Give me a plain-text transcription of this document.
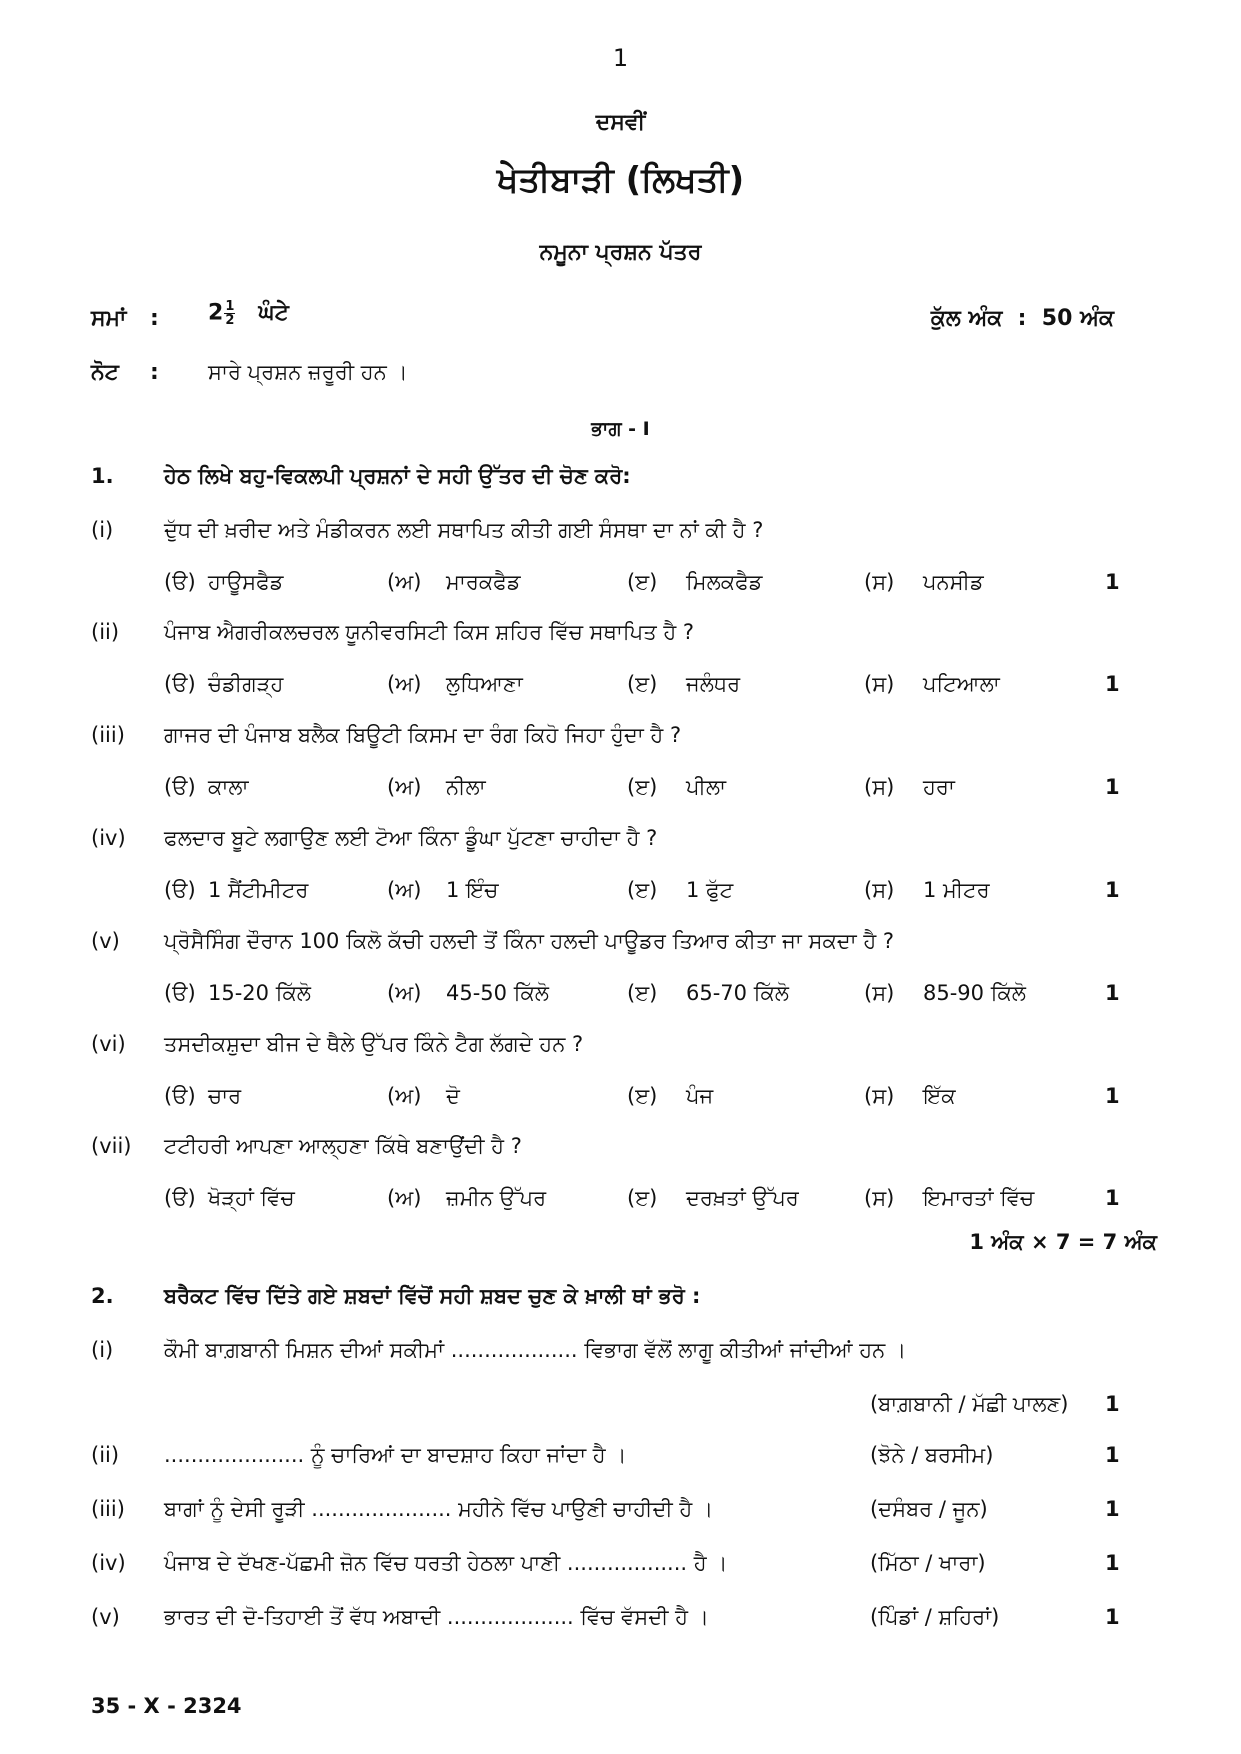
1
ਦਸਵੀਂ
ਖੇਤੀਬਾੜੀ (ਲਿਖਤੀ)
ਨਮੂਨਾ ਪ੍ਰਸ਼ਨ ਪੱਤਰ
ਸਮਾਂ : $2 \frac{1}{2}$ ਘੰਟੇ	ਕੁੱਲ ਅੰਕ  :  50 ਅੰਕ
ਨੋਟ : ਸਾਰੇ ਪ੍ਰਸ਼ਨ ਜ਼ਰੂਰੀ ਹਨ ।
ਭਾਗ - I
1. ਹੇਠ ਲਿਖੇ ਬਹੁ-ਵਿਕਲਪੀ ਪ੍ਰਸ਼ਨਾਂ ਦੇ ਸਹੀ ਉੱਤਰ ਦੀ ਚੋਣ ਕਰੋ:
(i) ਦੁੱਧ ਦੀ ਖ਼ਰੀਦ ਅਤੇ ਮੰਡੀਕਰਨ ਲਈ ਸਥਾਪਿਤ ਕੀਤੀ ਗਈ ਸੰਸਥਾ ਦਾ ਨਾਂ ਕੀ ਹੈ ?
(ੳ) ਹਾਊਸਫੈਡ	(ਅ) ਮਾਰਕਫੈਡ	(ੲ) ਮਿਲਕਫੈਡ	(ਸ) ਪਨਸੀਡ	1
(ii) ਪੰਜਾਬ ਐਗਰੀਕਲਚਰਲ ਯੂਨੀਵਰਸਿਟੀ ਕਿਸ ਸ਼ਹਿਰ ਵਿੱਚ ਸਥਾਪਿਤ ਹੈ ?
(ੳ) ਚੰਡੀਗੜ੍ਹ	(ਅ) ਲੁਧਿਆਣਾ	(ੲ) ਜਲੰਧਰ	(ਸ) ਪਟਿਆਲਾ	1
(iii) ਗਾਜਰ ਦੀ ਪੰਜਾਬ ਬਲੈਕ ਬਿਊਟੀ ਕਿਸਮ ਦਾ ਰੰਗ ਕਿਹੋ ਜਿਹਾ ਹੁੰਦਾ ਹੈ ?
(ੳ) ਕਾਲਾ	(ਅ) ਨੀਲਾ	(ੲ) ਪੀਲਾ	(ਸ) ਹਰਾ	1
(iv) ਫਲਦਾਰ ਬੂਟੇ ਲਗਾਉਣ ਲਈ ਟੋਆ ਕਿੰਨਾ ਡੂੰਘਾ ਪੁੱਟਣਾ ਚਾਹੀਦਾ ਹੈ ?
(ੳ) 1 ਸੈਂਟੀਮੀਟਰ	(ਅ) 1 ਇੰਚ	(ੲ) 1 ਫੁੱਟ	(ਸ) 1 ਮੀਟਰ	1
(v) ਪ੍ਰੋਸੈਸਿੰਗ ਦੌਰਾਨ 100 ਕਿਲੋ ਕੱਚੀ ਹਲਦੀ ਤੋਂ ਕਿੰਨਾ ਹਲਦੀ ਪਾਊਡਰ ਤਿਆਰ ਕੀਤਾ ਜਾ ਸਕਦਾ ਹੈ ?
(ੳ) 15-20 ਕਿੱਲੋ	(ਅ) 45-50 ਕਿੱਲੋ	(ੲ) 65-70 ਕਿੱਲੋ	(ਸ) 85-90 ਕਿੱਲੋ	1
(vi) ਤਸਦੀਕਸ਼ੁਦਾ ਬੀਜ ਦੇ ਥੈਲੇ ਉੱਪਰ ਕਿੰਨੇ ਟੈਗ ਲੱਗਦੇ ਹਨ ?
(ੳ) ਚਾਰ	(ਅ) ਦੋ	(ੲ) ਪੰਜ	(ਸ) ਇੱਕ	1
(vii) ਟਟੀਹਰੀ ਆਪਣਾ ਆਲ੍ਹਣਾ ਕਿੱਥੇ ਬਣਾਉਂਦੀ ਹੈ ?
(ੳ) ਖੋੜ੍ਹਾਂ ਵਿੱਚ	(ਅ) ਜ਼ਮੀਨ ਉੱਪਰ	(ੲ) ਦਰਖ਼ਤਾਂ ਉੱਪਰ	(ਸ) ਇਮਾਰਤਾਂ ਵਿੱਚ	1
1 ਅੰਕ × 7 = 7 ਅੰਕ
2. ਬਰੈਕਟ ਵਿੱਚ ਦਿੱਤੇ ਗਏ ਸ਼ਬਦਾਂ ਵਿੱਚੋਂ ਸਹੀ ਸ਼ਬਦ ਚੁਣ ਕੇ ਖ਼ਾਲੀ ਥਾਂ ਭਰੋ :
(i) ਕੌਮੀ ਬਾਗ਼ਬਾਨੀ ਮਿਸ਼ਨ ਦੀਆਂ ਸਕੀਮਾਂ ................... ਵਿਭਾਗ ਵੱਲੋਂ ਲਾਗੂ ਕੀਤੀਆਂ ਜਾਂਦੀਆਂ ਹਨ ।
(ਬਾਗ਼ਬਾਨੀ / ਮੱਛੀ ਪਾਲਣ) 1
(ii) ..................... ਨੂੰ ਚਾਰਿਆਂ ਦਾ ਬਾਦਸ਼ਾਹ ਕਿਹਾ ਜਾਂਦਾ ਹੈ ।	(ਝੋਨੇ / ਬਰਸੀਮ)	1
(iii) ਬਾਗਾਂ ਨੂੰ ਦੇਸੀ ਰੂੜੀ ..................... ਮਹੀਨੇ ਵਿੱਚ ਪਾਉਣੀ ਚਾਹੀਦੀ ਹੈ ।	(ਦਸੰਬਰ / ਜੂਨ)	1
(iv) ਪੰਜਾਬ ਦੇ ਦੱਖਣ-ਪੱਛਮੀ ਜ਼ੋਨ ਵਿੱਚ ਧਰਤੀ ਹੇਠਲਾ ਪਾਣੀ .................. ਹੈ ।	(ਮਿੱਠਾ / ਖਾਰਾ)	1
(v) ਭਾਰਤ ਦੀ ਦੋ-ਤਿਹਾਈ ਤੋਂ ਵੱਧ ਅਬਾਦੀ ................... ਵਿੱਚ ਵੱਸਦੀ ਹੈ ।	(ਪਿੰਡਾਂ / ਸ਼ਹਿਰਾਂ)	1
35 - X - 2324
